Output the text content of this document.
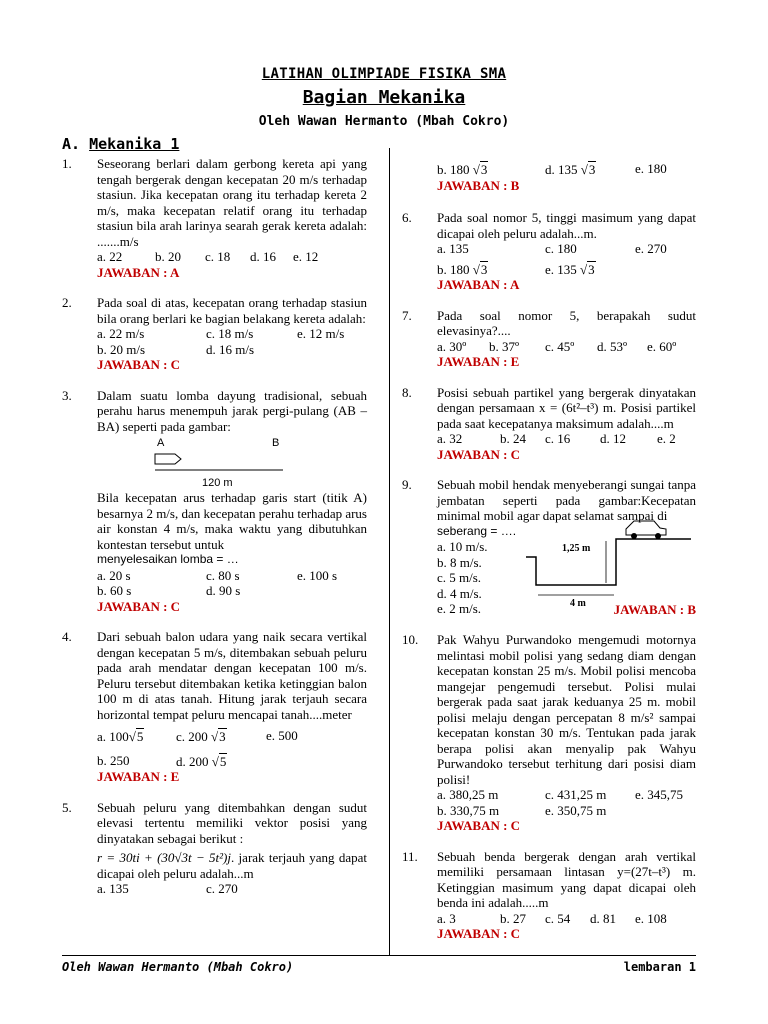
LATIHAN OLIMPIADE FISIKA SMA
Bagian Mekanika
Oleh Wawan Hermanto (Mbah Cokro)
A. Mekanika 1
1. Seseorang berlari dalam gerbong kereta api yang tengah bergerak dengan kecepatan 20 m/s terhadap stasiun. Jika kecepatan orang itu terhadap kereta 2 m/s, maka kecepatan relatif orang itu terhadap stasiun bila arah larinya searah gerak kereta adalah: .......m/s

a. 22	b. 20	c. 18	d. 16	e. 12
JAWABAN : A
2. Pada soal di atas, kecepatan orang terhadap stasiun bila orang berlari ke bagian belakang kereta adalah:

a. 22 m/s	c. 18 m/s	e. 12 m/s
b. 20 m/s	d. 16 m/s
JAWABAN : C
3. Dalam suatu lomba dayung tradisional, sebuah perahu harus menempuh jarak pergi-pulang (AB – BA) seperti pada gambar:

A	B
120 m

Bila kecepatan arus terhadap garis start (titik A) besarnya 2 m/s, dan kecepatan perahu terhadap arus air konstan 4 m/s, maka waktu yang dibutuhkan kontestan tersebut untuk

menyelesaikan lomba = …

a. 20 s	c. 80 s	e. 100 s
b. 60 s	d. 90 s
JAWABAN : C
4. Dari sebuah balon udara yang naik secara vertikal dengan kecepatan 5 m/s, ditembakan sebuah peluru pada arah mendatar dengan kecepatan 100 m/s. Peluru tersebut ditembakan ketika ketinggian balon 100 m di atas tanah. Hitung jarak terjauh secara horizontal tempat peluru mencapai tanah....meter

a. 100√5	c. 200 √3	e. 500
b. 250	d. 200 √5
JAWABAN : E
5. Sebuah peluru yang ditembahkan dengan sudut elevasi tertentu memiliki vektor posisi yang dinyatakan sebagai berikut :

r = 30ti + (30√3t − 5t²)j. jarak terjauh yang dapat dicapai oleh peluru adalah...m

a. 135	c. 270
b. 180 √3	d. 135 √3	e. 180
JAWABAN : B
6. Pada soal nomor 5, tinggi masimum yang dapat dicapai oleh peluru adalah...m.

a. 135	c. 180	e. 270
b. 180 √3	e. 135 √3
JAWABAN : A
7. Pada soal nomor 5, berapakah sudut elevasinya?....

a. 30º	b. 37º	c. 45º	d. 53º	e. 60º
JAWABAN : E
8. Posisi sebuah partikel yang bergerak dinyatakan dengan persamaan x = (6t²–t³) m. Posisi partikel pada saat kecepatanya maksimum adalah....m

a. 32	b. 24	c. 16	d. 12	e. 2
JAWABAN : C
9. Sebuah mobil hendak menyeberangi sungai tanpa jembatan seperti pada gambar:Kecepatan minimal mobil agar dapat selamat sampai di

seberang = ….

a. 10 m/s.
b. 8 m/s.
c. 5 m/s.
d. 4 m/s.
e. 2 m/s.
1,25 m
4 m JAWABAN : B
10. Pak Wahyu Purwandoko mengemudi motornya melintasi mobil polisi yang sedang diam dengan kecepatan konstan 25 m/s. Mobil polisi mencoba mangejar pengemudi tersebut. Polisi mulai bergerak pada saat jarak keduanya 25 m. mobil polisi melaju dengan percepatan 8 m/s² sampai kecepatan konstan 30 m/s. Tentukan pada jarak berapa polisi akan menyalip pak Wahyu Purwandoko tersebut terhitung dari posisi diam polisi!

a. 380,25 m	c. 431,25 m	e. 345,75
b. 330,75 m	e. 350,75 m
JAWABAN : C
11. Sebuah benda bergerak dengan arah vertikal memiliki persamaan lintasan y=(27t–t³) m. Ketinggian masimum yang dapat dicapai oleh benda ini adalah.....m

a. 3	b. 27	c. 54	d. 81	e. 108
JAWABAN : C
Oleh Wawan Hermanto (Mbah Cokro)	lembaran 1
